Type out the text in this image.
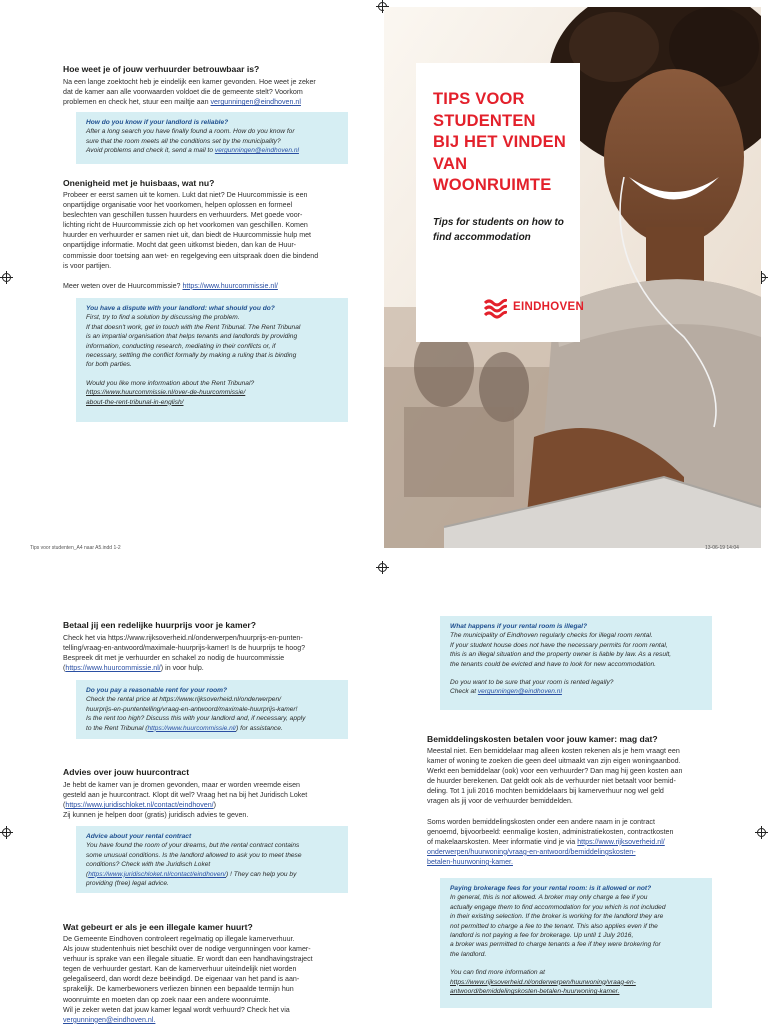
Hoe weet je of jouw verhuurder betrouwbaar is?

Na een lange zoektocht heb je eindelijk een kamer gevonden. Hoe weet je zeker
dat de kamer aan alle voorwaarden voldoet die de gemeente stelt? Voorkom
problemen en check het, stuur een mailtje aan vergunningen@eindhoven.nl

How do you know if your landlord is reliable?

After a long search you have finally found a room. How do you know for
sure that the room meets all the conditions set by the municipality?
Avoid problems and check it, send a mail to vergunningen@eindhoven.nl

Onenigheid met je huisbaas, wat nu?

Probeer er eerst samen uit te komen. Lukt dat niet? De Huurcommissie is een
onpartijdige organisatie voor het voorkomen, helpen oplossen en formeel
beslechten van geschillen tussen huurders en verhuurders. Met goede voor-
lichting richt de Huurcommissie zich op het voorkomen van geschillen. Komen
huurder en verhuurder er samen niet uit, dan biedt de Huurcommissie hulp met
onpartijdige informatie. Mocht dat geen uitkomst bieden, dan kan de Huur-
commissie door toetsing aan wet- en regelgeving een uitspraak doen die bindend
is voor partijen.

Meer weten over de Huurcommissie? https://www.huurcommissie.nl/

You have a dispute with your landlord: what should you do?

First, try to find a solution by discussing the problem.
If that doesn't work, get in touch with the Rent Tribunal. The Rent Tribunal
is an impartial organisation that helps tenants and landlords by providing
information, conducting research, mediating in their conflicts or, if
necessary, settling the conflict formally by making a ruling that is binding
for both parties.

Would you like more information about the Rent Tribunal?

https://www.huurcommissie.nl/over-de-huurcommissie/

about-the-rent-tribunal-in-english/

TIPS VOOR
STUDENTEN
BIJ HET VINDEN
VAN
WOONRUIMTE

Tips for students on how to find accommodation

EINDHOVEN
Tips voor studenten_A4 naar A5.indd 1-2	13-06-19 14:04

Betaal jij een redelijke huurprijs voor je kamer?

Check het via https://www.rijksoverheid.nl/onderwerpen/huurprijs-en-punten-
telling/vraag-en-antwoord/maximale-huurprijs-kamer! Is de huurprijs te hoog?
Bespreek dit met je verhuurder en schakel zo nodig de huurcommissie
(https://www.huurcommissie.nl/) in voor hulp.

Do you pay a reasonable rent for your room?

Check the rental price at https://www.rijksoverheid.nl/onderwerpen/
huurprijs-en-puntentelling/vraag-en-antwoord/maximale-huurprijs-kamer!
Is the rent too high? Discuss this with your landlord and, if necessary, apply
to the Rent Tribunal (https://www.huurcommissie.nl/) for assistance.

Advies over jouw huurcontract

Je hebt de kamer van je dromen gevonden, maar er worden vreemde eisen
gesteld aan je huurcontract. Klopt dit wel? Vraag het na bij het Juridisch Loket
(https://www.juridischloket.nl/contact/eindhoven/)
Zij kunnen je helpen door (gratis) juridisch advies te geven.

Advice about your rental contract

You have found the room of your dreams, but the rental contract contains
some unusual conditions. Is the landlord allowed to ask you to meet these
conditions? Check with the Juridisch Loket
(https://www.juridischloket.nl/contact/eindhoven/) ! They can help you by
providing (free) legal advice.

Wat gebeurt er als je een illegale kamer huurt?

De Gemeente Eindhoven controleert regelmatig op illegale kamerverhuur.
Als jouw studentenhuis niet beschikt over de nodige vergunningen voor kamer-
verhuur is sprake van een illegale situatie. Er wordt dan een handhavingstraject
tegen de verhuurder gestart. Kan de kamerverhuur uiteindelijk niet worden
gelegaliseerd, dan wordt deze beëindigd. De eigenaar van het pand is aan-
sprakelijk. De kamerbewoners verliezen binnen een bepaalde termijn hun
woonruimte en moeten dan op zoek naar een andere woonruimte.
Wil je zeker weten dat jouw kamer legaal wordt verhuurd? Check het via

vergunningen@eindhoven.nl.

What happens if your rental room is illegal?

The municipality of Eindhoven regularly checks for illegal room rental.
If your student house does not have the necessary permits for room rental,
this is an illegal situation and the property owner is liable by law. As a result,
the tenants could be evicted and have to look for new accommodation.

Do you want to be sure that your room is rented legally?
Check at vergunningen@eindhoven.nl

Bemiddelingskosten betalen voor jouw kamer: mag dat?

Meestal niet. Een bemiddelaar mag alleen kosten rekenen als je hem vraagt een
kamer of woning te zoeken die geen deel uitmaakt van zijn eigen woningaanbod.
Werkt een bemiddelaar (ook) voor een verhuurder? Dan mag hij geen kosten aan
de huurder berekenen. Dat geldt ook als de verhuurder niet betaalt voor bemid-
deling. Tot 1 juli 2016 mochten bemiddelaars bij kamerverhuur nog wel geld
vragen als jij voor de verhuurder bemiddelden.

Soms worden bemiddelingskosten onder een andere naam in je contract
genoemd, bijvoorbeeld: eenmalige kosten, administratiekosten, contractkosten
of makelaarskosten. Meer informatie vind je via https://www.rijksoverheid.nl/

onderwerpen/huurwoning/vraag-en-antwoord/bemiddelingskosten-

betalen-huurwoning-kamer.

Paying brokerage fees for your rental room: is it allowed or not?

In general, this is not allowed. A broker may only charge a fee if you
actually engage them to find accommodation for you which is not included
in their existing selection. If the broker is working for the landlord they are
not permitted to charge a fee to the tenant. This also applies even if the
landlord is not paying a fee for brokerage. Up until 1 July 2016,
a broker was permitted to charge tenants a fee if they were brokering for
the landlord.

You can find more information at

https://www.rijksoverheid.nl/onderwerpen/huurwoning/vraag-en-

antwoord/bemiddelingskosten-betalen-huurwoning-kamer.
